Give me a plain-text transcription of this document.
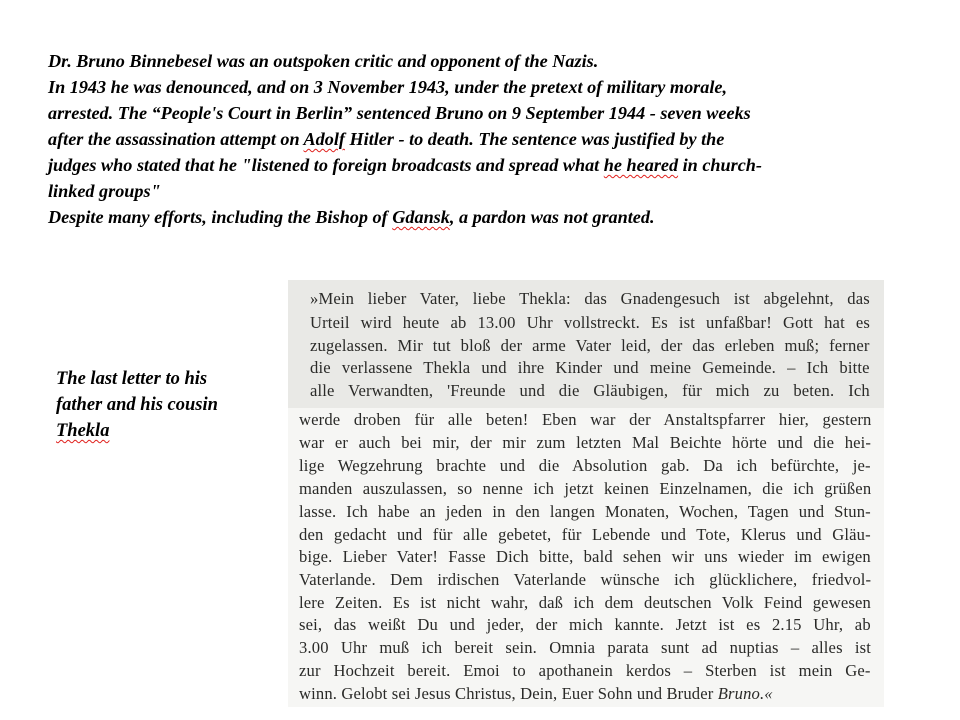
Dr. Bruno Binnebesel was an outspoken critic and opponent of the Nazis.
In 1943 he was denounced, and on 3 November 1943, under the pretext of military morale,
arrested. The “People's Court in Berlin” sentenced Bruno on 9 September 1944 - seven weeks
after the assassination attempt on Adolf Hitler - to death. The sentence was justified by the
judges who stated that he "listened to foreign broadcasts and spread what he heared in church-
linked groups"
Despite many efforts, including the Bishop of Gdansk, a pardon was not granted.
The last letter to his
father and his cousin
Thekla
»Mein lieber Vater, liebe Thekla: das Gnadengesuch ist abgelehnt, das
Urteil wird heute ab 13.00 Uhr vollstreckt. Es ist unfaßbar! Gott hat es
zugelassen. Mir tut bloß der arme Vater leid, der das erleben muß; ferner
die verlassene Thekla und ihre Kinder und meine Gemeinde. – Ich bitte
alle Verwandten, 'Freunde und die Gläubigen, für mich zu beten. Ich
werde droben für alle beten! Eben war der Anstaltspfarrer hier, gestern
war er auch bei mir, der mir zum letzten Mal Beichte hörte und die hei-
lige Wegzehrung brachte und die Absolution gab. Da ich befürchte, je-
manden auszulassen, so nenne ich jetzt keinen Einzelnamen, die ich grüßen
lasse. Ich habe an jeden in den langen Monaten, Wochen, Tagen und Stun-
den gedacht und für alle gebetet, für Lebende und Tote, Klerus und Gläu-
bige. Lieber Vater! Fasse Dich bitte, bald sehen wir uns wieder im ewigen
Vaterlande. Dem irdischen Vaterlande wünsche ich glücklichere, friedvol-
lere Zeiten. Es ist nicht wahr, daß ich dem deutschen Volk Feind gewesen
sei, das weißt Du und jeder, der mich kannte. Jetzt ist es 2.15 Uhr, ab
3.00 Uhr muß ich bereit sein. Omnia parata sunt ad nuptias – alles ist
zur Hochzeit bereit. Emoi to apothanein kerdos – Sterben ist mein Ge-
winn. Gelobt sei Jesus Christus, Dein, Euer Sohn und Bruder Bruno.«
